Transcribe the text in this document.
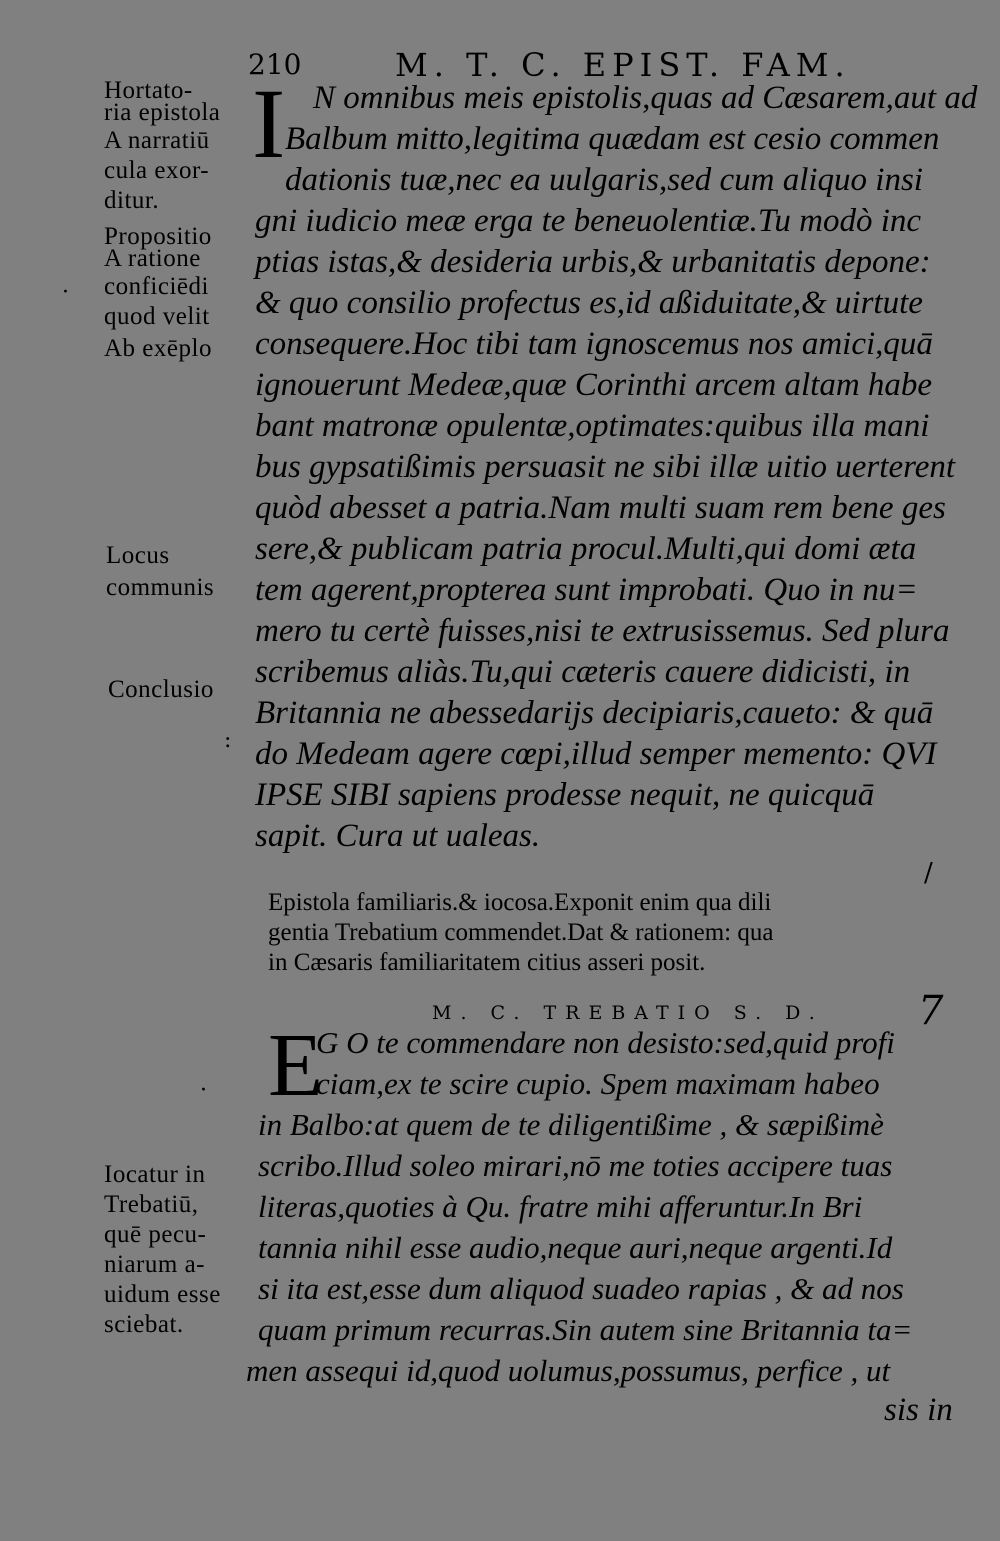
210	M. T. C. EPIST. FAM.
Hortato-
ria epistola
A narratiū
cula exor-
ditur.
Propositio
A ratione
conficiēdi
quod velit
Ab exēplo
Locus
communis
Conclusio
·
:
·
/
I N omnibus meis epistolis,quas ad Cæsarem,aut ad
Balbum mitto,legitima quædam est cesio commen
dationis tuæ,nec ea uulgaris,sed cum aliquo insi
gni iudicio meæ erga te beneuolentiæ.Tu modò inc
ptias istas,& desideria urbis,& urbanitatis depone:
& quo consilio profectus es,id aßiduitate,& uirtute
consequere.Hoc tibi tam ignoscemus nos amici,quā
ignouerunt Medeæ,quæ Corinthi arcem altam habe
bant matronæ opulentæ,optimates:quibus illa mani
bus gypsatißimis persuasit ne sibi illæ uitio uerterent
quòd abesset a patria.Nam multi suam rem bene ges
sere,& publicam patria procul.Multi,qui domi æta
tem agerent,propterea sunt improbati. Quo in nu=
mero tu certè fuisses,nisi te extrusissemus. Sed plura
scribemus aliàs.Tu,qui cæteris cauere didicisti, in
Britannia ne abessedarijs decipiaris,caueto: & quā
do Medeam agere cœpi,illud semper memento: QVI
IPSE SIBI sapiens prodesse nequit, ne quicquā
sapit. Cura ut ualeas.
Epistola familiaris.& iocosa.Exponit enim qua dili
gentia Trebatium commendet.Dat & rationem: qua
in Cæsaris familiaritatem citius asseri posit.
M. C. TREBATIO S. D. 7
Iocatur in
Trebatiū,
quē pecu-
niarum a-
uidum esse
sciebat.
E
G O te commendare non desisto:sed,quid profi
ciam,ex te scire cupio. Spem maximam habeo
in Balbo:at quem de te diligentißime , & sæpißimè
scribo.Illud soleo mirari,nō me toties accipere tuas
literas,quoties à Qu. fratre mihi afferuntur.In Bri
tannia nihil esse audio,neque auri,neque argenti.Id
si ita est,esse dum aliquod suadeo rapias , & ad nos
quam primum recurras.Sin autem sine Britannia ta=
men assequi id,quod uolumus,possumus, perfice , ut
sis in
